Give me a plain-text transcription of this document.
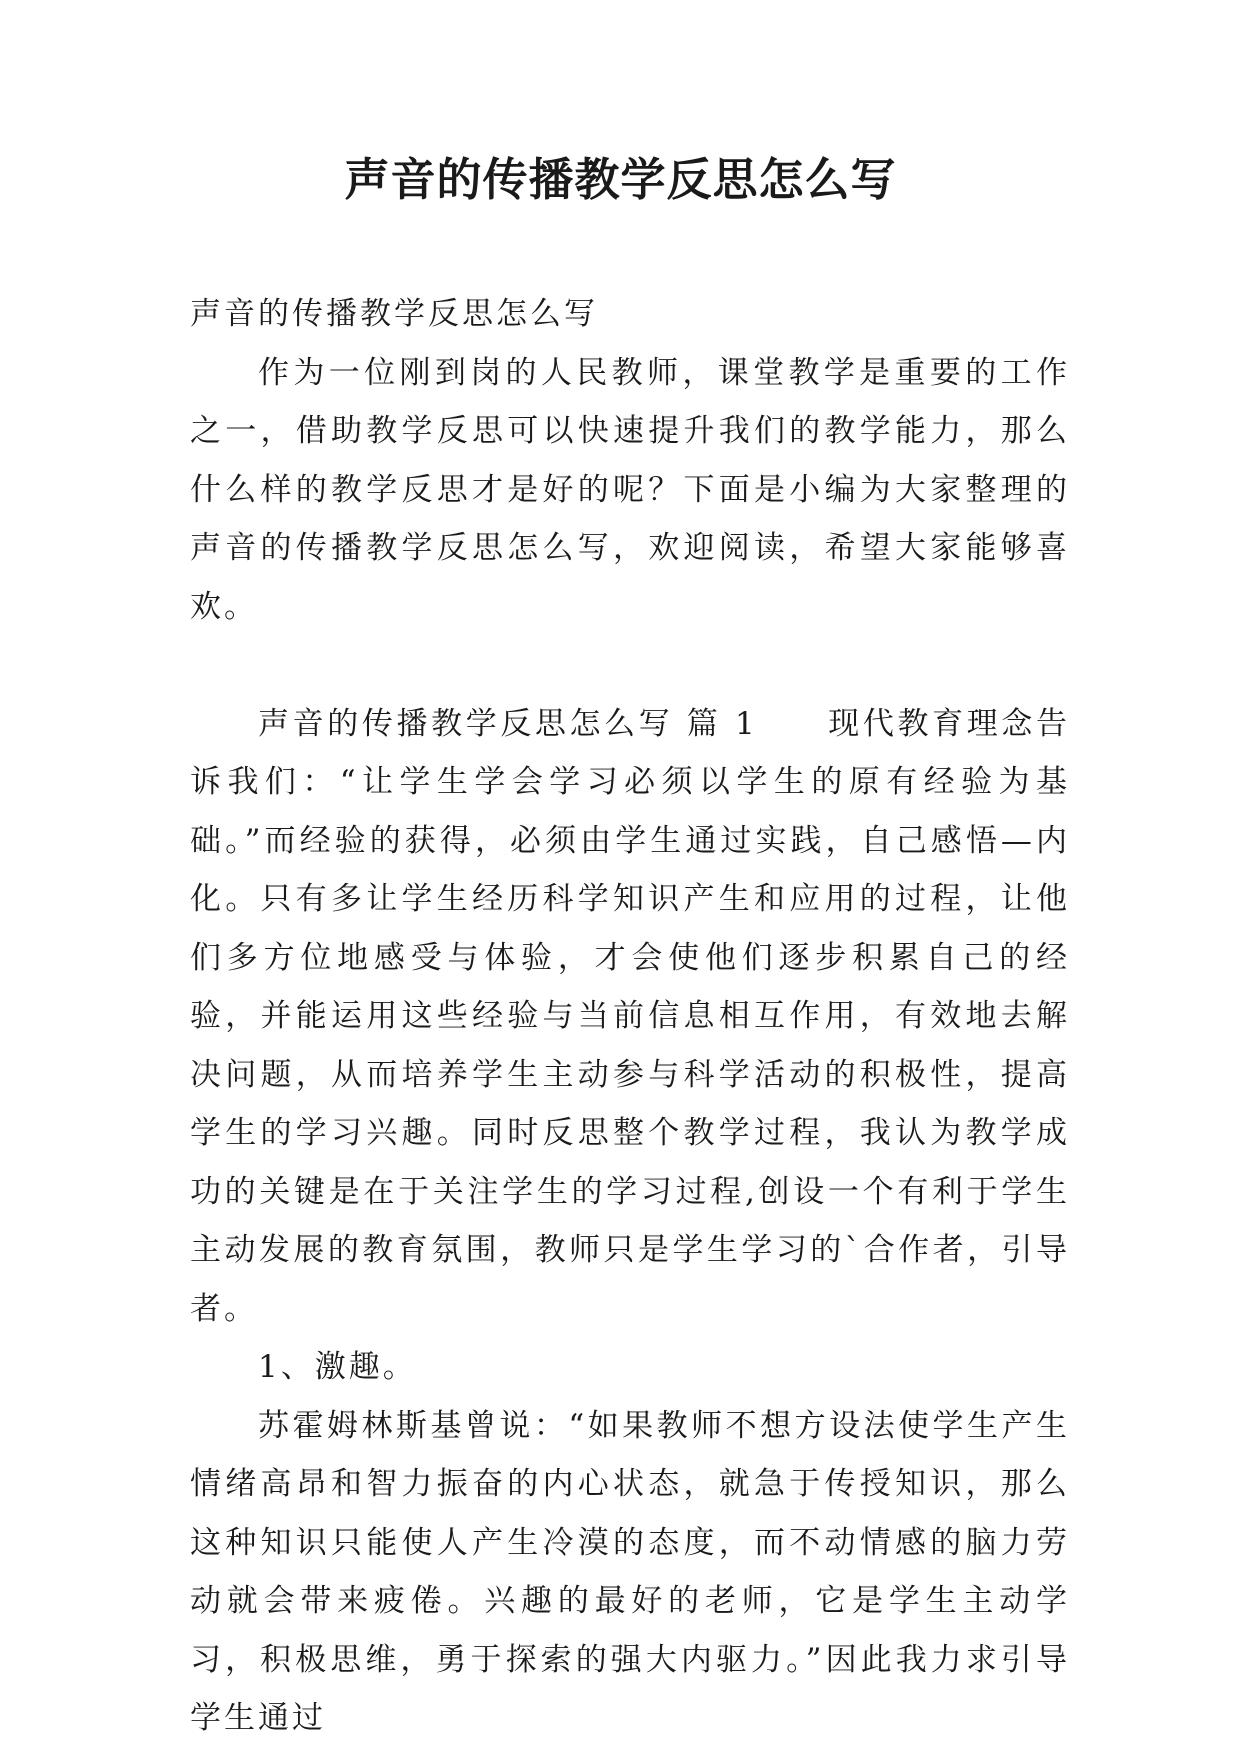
声音的传播教学反思怎么写

声音的传播教学反思怎么写

作为一位刚到岗的人民教师，课堂教学是重要的工作之一，借助教学反思可以快速提升我们的教学能力，那么什么样的教学反思才是好的呢？下面是小编为大家整理的声音的传播教学反思怎么写，欢迎阅读，希望大家能够喜欢。

声音的传播教学反思怎么写 篇 1 现代教育理念告诉我们：“让学生学会学习必须以学生的原有经验为基础。”而经验的获得，必须由学生通过实践，自己感悟—内化。只有多让学生经历科学知识产生和应用的过程，让他们多方位地感受与体验，才会使他们逐步积累自己的经验，并能运用这些经验与当前信息相互作用，有效地去解决问题，从而培养学生主动参与科学活动的积极性，提高学生的学习兴趣。同时反思整个教学过程，我认为教学成功的关键是在于关注学生的学习过程,创设一个有利于学生主动发展的教育氛围，教师只是学生学习的`合作者，引导者。

1、激趣。

苏霍姆林斯基曾说：“如果教师不想方设法使学生产生情绪高昂和智力振奋的内心状态，就急于传授知识，那么这种知识只能使人产生冷漠的态度，而不动情感的脑力劳动就会带来疲倦。兴趣的最好的老师，它是学生主动学习，积极思维，勇于探索的强大内驱力。”因此我力求引导学生通过
